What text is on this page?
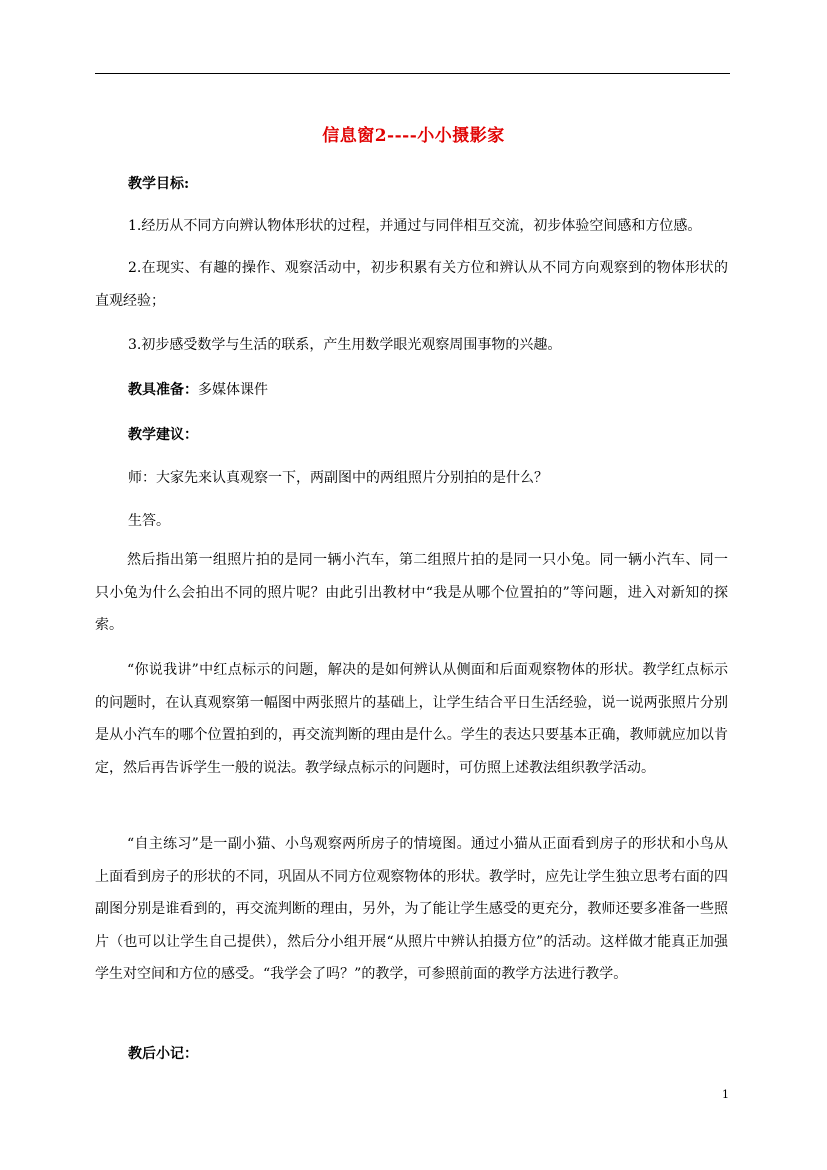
信息窗2----小小摄影家
教学目标:
1.经历从不同方向辨认物体形状的过程，并通过与同伴相互交流，初步体验空间感和方位感。
2.在现实、有趣的操作、观察活动中，初步积累有关方位和辨认从不同方向观察到的物体形状的直观经验；
3.初步感受数学与生活的联系，产生用数学眼光观察周围事物的兴趣。
教具准备：多媒体课件
教学建议：
师：大家先来认真观察一下，两副图中的两组照片分别拍的是什么？
生答。
然后指出第一组照片拍的是同一辆小汽车，第二组照片拍的是同一只小兔。同一辆小汽车、同一只小兔为什么会拍出不同的照片呢？由此引出教材中“我是从哪个位置拍的”等问题，进入对新知的探索。
“你说我讲”中红点标示的问题，解决的是如何辨认从侧面和后面观察物体的形状。教学红点标示的问题时，在认真观察第一幅图中两张照片的基础上，让学生结合平日生活经验，说一说两张照片分别是从小汽车的哪个位置拍到的，再交流判断的理由是什么。学生的表达只要基本正确，教师就应加以肯定，然后再告诉学生一般的说法。教学绿点标示的问题时，可仿照上述教法组织教学活动。
“自主练习”是一副小猫、小鸟观察两所房子的情境图。通过小猫从正面看到房子的形状和小鸟从上面看到房子的形状的不同，巩固从不同方位观察物体的形状。教学时，应先让学生独立思考右面的四副图分别是谁看到的，再交流判断的理由，另外，为了能让学生感受的更充分，教师还要多准备一些照片（也可以让学生自己提供），然后分小组开展“从照片中辨认拍摄方位”的活动。这样做才能真正加强学生对空间和方位的感受。“我学会了吗？”的教学，可参照前面的教学方法进行教学。
教后小记：
1
